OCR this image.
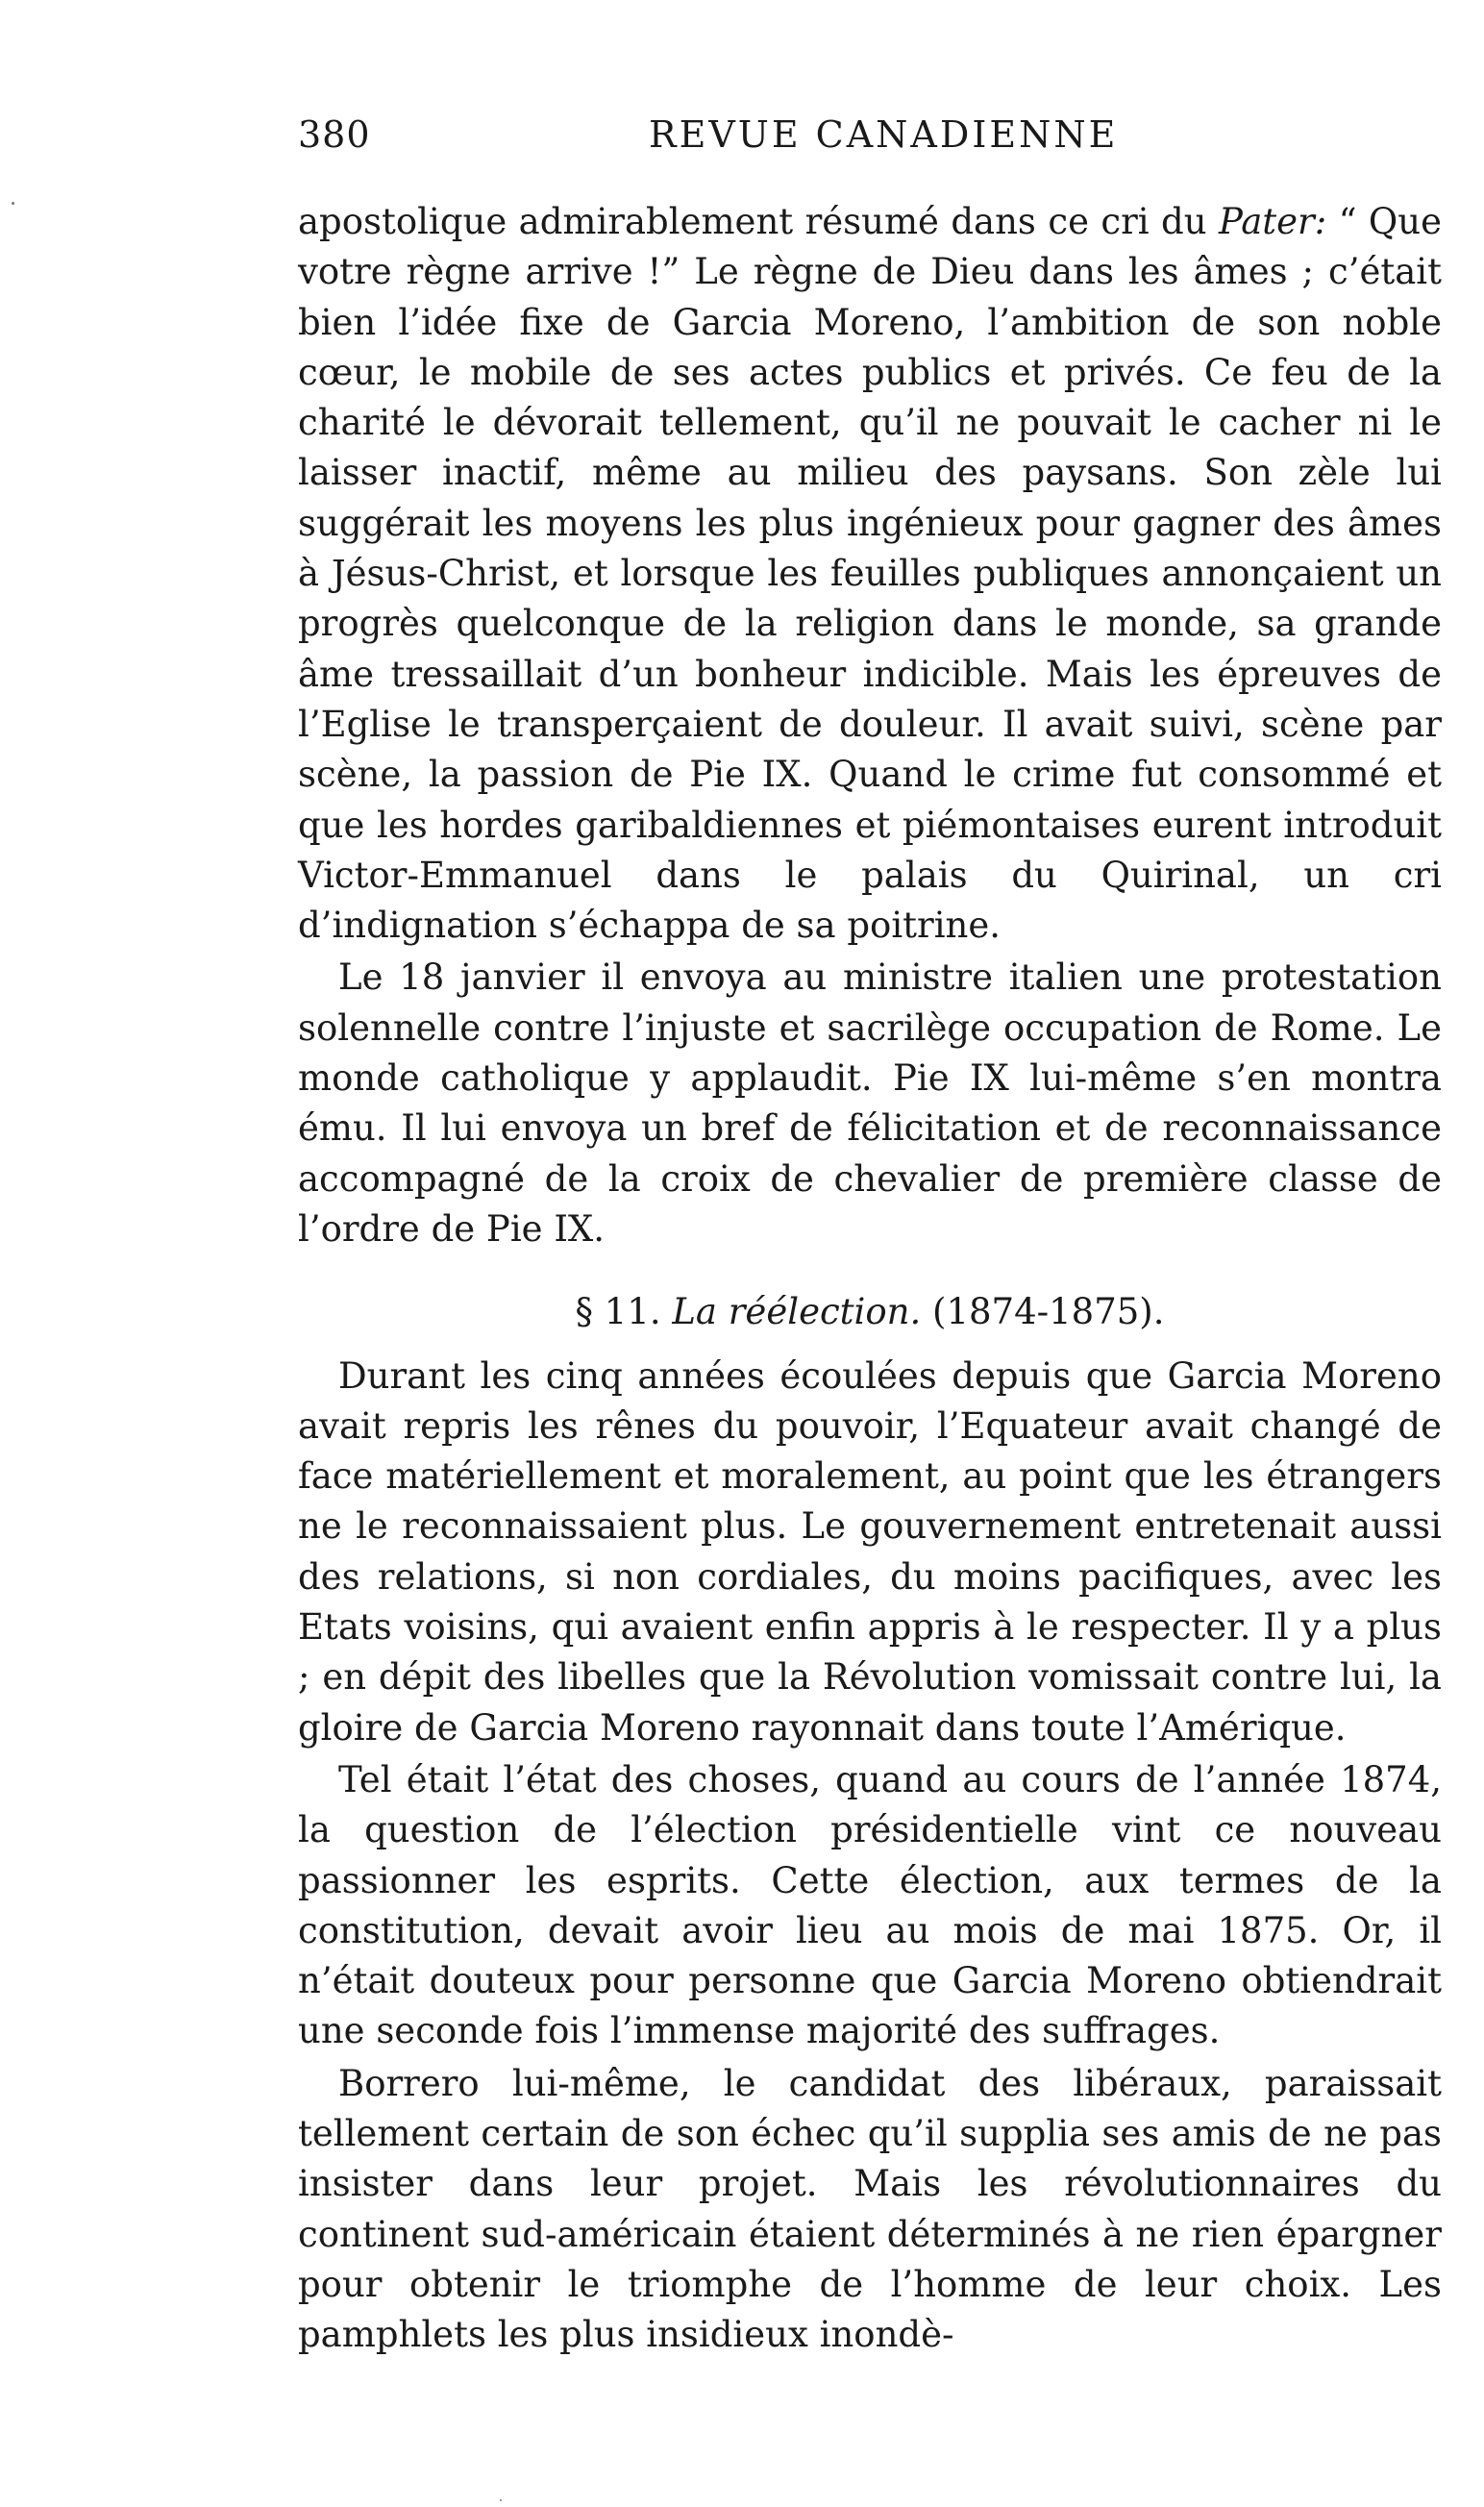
380	REVUE CANADIENNE

apostolique admirablement résumé dans ce cri du Pater: “ Que votre règne arrive !” Le règne de Dieu dans les âmes ; c’était bien l’idée fixe de Garcia Moreno, l’ambition de son noble cœur, le mobile de ses actes publics et privés. Ce feu de la charité le dévorait tellement, qu’il ne pouvait le cacher ni le laisser inactif, même au milieu des paysans. Son zèle lui suggérait les moyens les plus ingénieux pour gagner des âmes à Jésus-Christ, et lorsque les feuilles publiques annonçaient un progrès quelconque de la religion dans le monde, sa grande âme tressaillait d’un bonheur indicible. Mais les épreuves de l’Eglise le transperçaient de douleur. Il avait suivi, scène par scène, la passion de Pie IX. Quand le crime fut consommé et que les hordes garibaldiennes et piémontaises eurent introduit Victor-Emmanuel dans le palais du Quirinal, un cri d’indignation s’échappa de sa poitrine.

Le 18 janvier il envoya au ministre italien une protestation solennelle contre l’injuste et sacrilège occupation de Rome. Le monde catholique y applaudit. Pie IX lui-même s’en montra ému. Il lui envoya un bref de félicitation et de reconnaissance accompagné de la croix de chevalier de première classe de l’ordre de Pie IX.

§ 11. La réélection. (1874-1875).

Durant les cinq années écoulées depuis que Garcia Moreno avait repris les rênes du pouvoir, l’Equateur avait changé de face matériellement et moralement, au point que les étrangers ne le reconnaissaient plus. Le gouvernement entretenait aussi des relations, si non cordiales, du moins pacifiques, avec les Etats voisins, qui avaient enfin appris à le respecter. Il y a plus ; en dépit des libelles que la Révolution vomissait contre lui, la gloire de Garcia Moreno rayonnait dans toute l’Amérique.

Tel était l’état des choses, quand au cours de l’année 1874, la question de l’élection présidentielle vint ce nouveau passionner les esprits. Cette élection, aux termes de la constitution, devait avoir lieu au mois de mai 1875. Or, il n’était douteux pour personne que Garcia Moreno obtiendrait une seconde fois l’immense majorité des suffrages.

Borrero lui-même, le candidat des libéraux, paraissait tellement certain de son échec qu’il supplia ses amis de ne pas insister dans leur projet. Mais les révolutionnaires du continent sud-américain étaient déterminés à ne rien épargner pour obtenir le triomphe de l’homme de leur choix. Les pamphlets les plus insidieux inondè-
